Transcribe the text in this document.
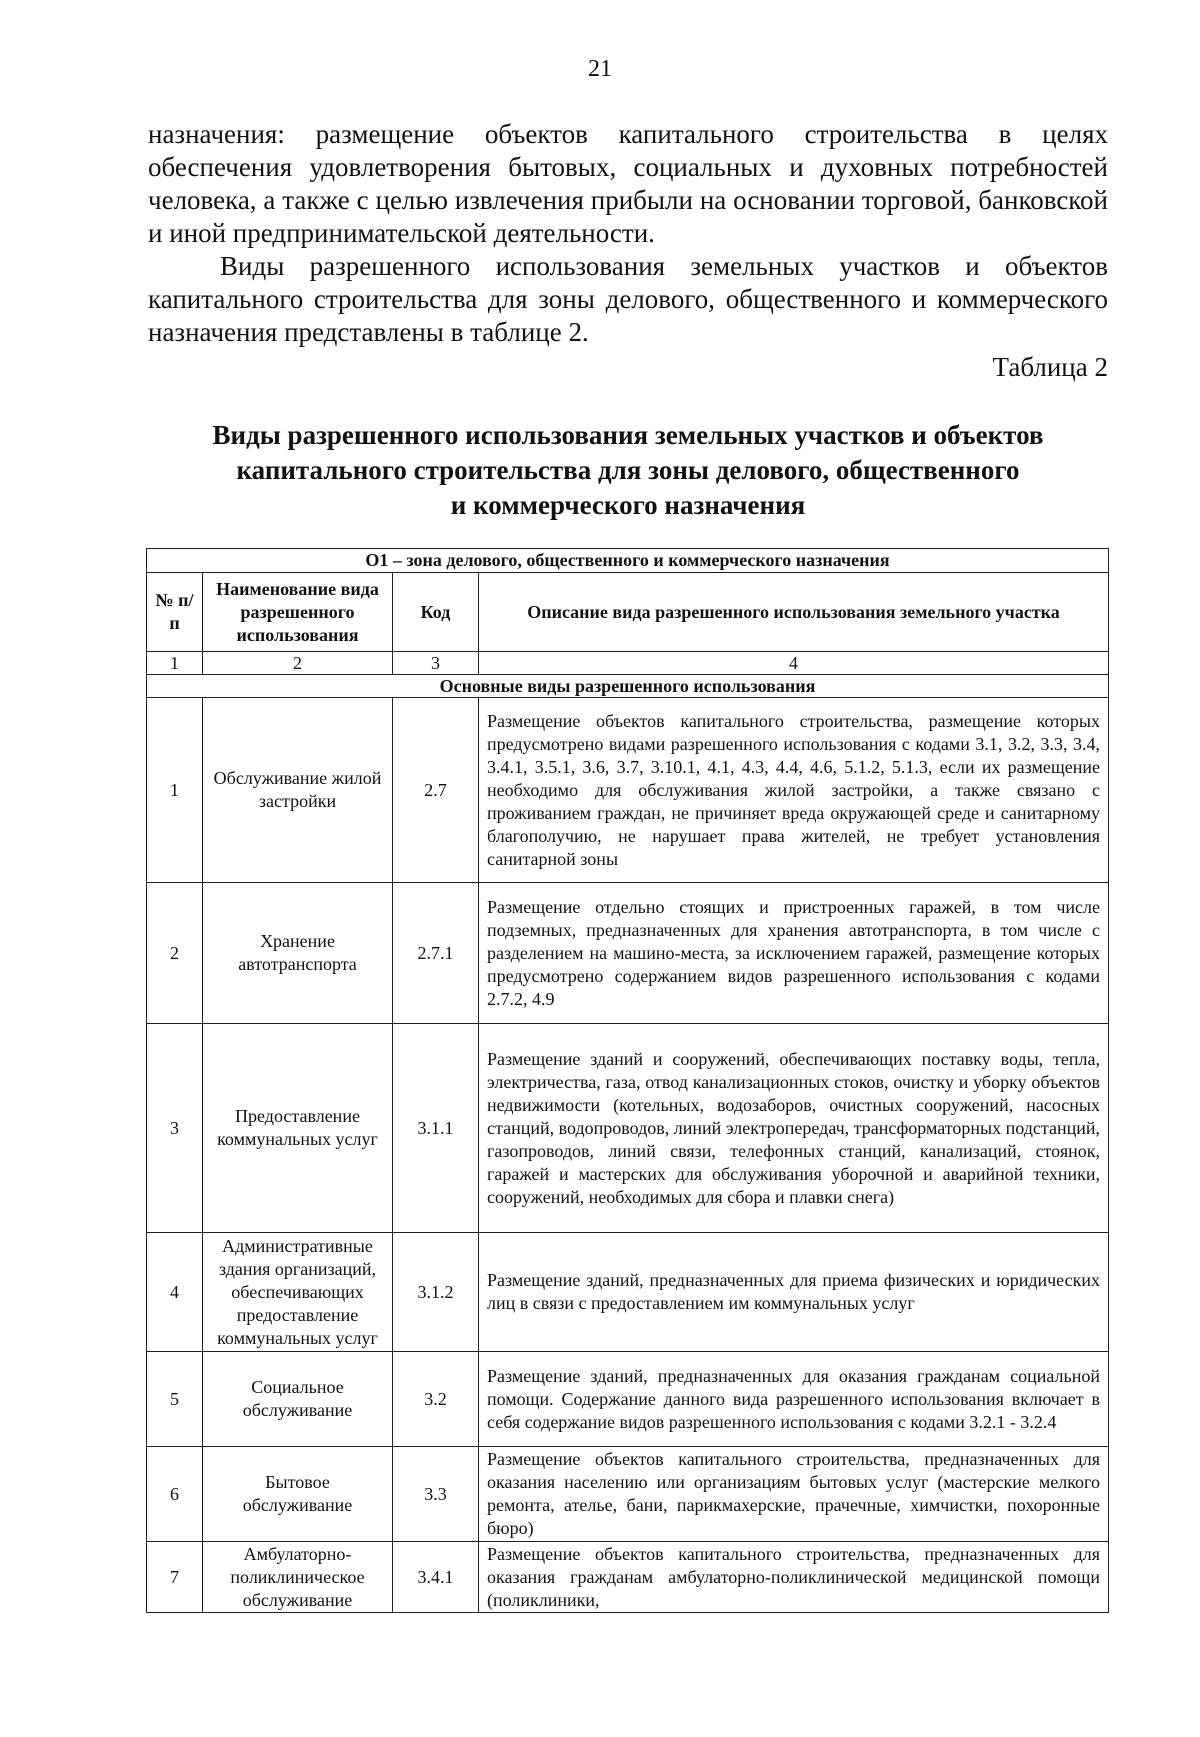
21
назначения: размещение объектов капитального строительства в целях обеспечения удовлетворения бытовых, социальных и духовных потребностей человека, а также с целью извлечения прибыли на основании торговой, банковской и иной предпринимательской деятельности.
Виды разрешенного использования земельных участков и объектов капитального строительства для зоны делового, общественного и коммерческого назначения представлены в таблице 2.
Таблица 2
Виды разрешенного использования земельных участков и объектов
капитального строительства для зоны делового, общественного
и коммерческого назначения
О1 – зона делового, общественного и коммерческого назначения			
№ п/п	Наименование вида разрешенного использования	Код	Описание вида разрешенного использования земельного участка
1	2	3	4
Основные виды разрешенного использования			
1	Обслуживание жилой застройки	2.7	Размещение объектов капитального строительства, размещение которых предусмотрено видами разрешенного использования с кодами 3.1, 3.2, 3.3, 3.4, 3.4.1, 3.5.1, 3.6, 3.7, 3.10.1, 4.1, 4.3, 4.4, 4.6, 5.1.2, 5.1.3, если их размещение необходимо для обслуживания жилой застройки, а также связано с проживанием граждан, не причиняет вреда окружающей среде и санитарному благополучию, не нарушает права жителей, не требует установления санитарной зоны
2	Хранение автотранспорта	2.7.1	Размещение отдельно стоящих и пристроенных гаражей, в том числе подземных, предназначенных для хранения автотранспорта, в том числе с разделением на машино-места, за исключением гаражей, размещение которых предусмотрено содержанием видов разрешенного использования с кодами 2.7.2, 4.9
3	Предоставление коммунальных услуг	3.1.1	Размещение зданий и сооружений, обеспечивающих поставку воды, тепла, электричества, газа, отвод канализационных стоков, очистку и уборку объектов недвижимости (котельных, водозаборов, очистных сооружений, насосных станций, водопроводов, линий электропередач, трансформаторных подстанций, газопроводов, линий связи, телефонных станций, канализаций, стоянок, гаражей и мастерских для обслуживания уборочной и аварийной техники, сооружений, необходимых для сбора и плавки снега)
4	Административные здания организаций, обеспечивающих предоставление коммунальных услуг	3.1.2	Размещение зданий, предназначенных для приема физических и юридических лиц в связи с предоставлением им коммунальных услуг
5	Социальное обслуживание	3.2	Размещение зданий, предназначенных для оказания гражданам социальной помощи. Содержание данного вида разрешенного использования включает в себя содержание видов разрешенного использования с кодами 3.2.1 - 3.2.4
6	Бытовое обслуживание	3.3	Размещение объектов капитального строительства, предназначенных для оказания населению или организациям бытовых услуг (мастерские мелкого ремонта, ателье, бани, парикмахерские, прачечные, химчистки, похоронные бюро)
7	Амбулаторно-поликлиническое обслуживание	3.4.1	Размещение объектов капитального строительства, предназначенных для оказания гражданам амбулаторно-поликлинической медицинской помощи (поликлиники,
